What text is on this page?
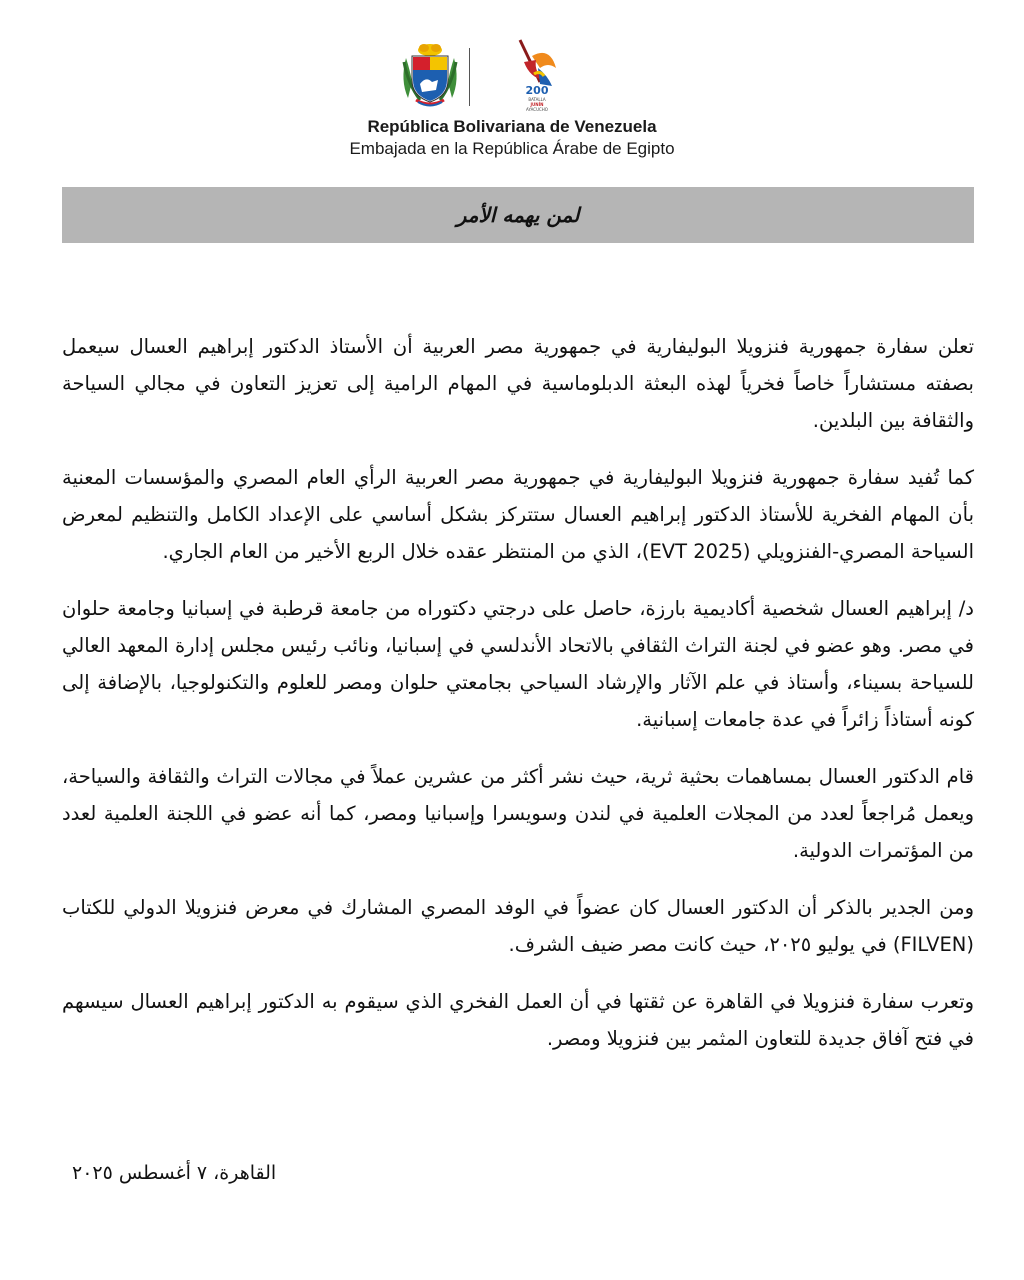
200
BATALLA
JUNÍN
AYACUCHO
República Bolivariana de Venezuela
Embajada en la República Árabe de Egipto
لمن يهمه الأمر

تعلن سفارة جمهورية فنزويلا البوليفارية في جمهورية مصر العربية أن الأستاذ الدكتور إبراهيم العسال سيعمل بصفته مستشاراً خاصاً فخرياً لهذه البعثة الدبلوماسية في المهام الرامية إلى تعزيز التعاون في مجالي السياحة والثقافة بين البلدين.

كما تُفيد سفارة جمهورية فنزويلا البوليفارية في جمهورية مصر العربية الرأي العام المصري والمؤسسات المعنية بأن المهام الفخرية للأستاذ الدكتور إبراهيم العسال ستتركز بشكل أساسي على الإعداد الكامل والتنظيم لمعرض السياحة المصري-الفنزويلي (EVT 2025)، الذي من المنتظر عقده خلال الربع الأخير من العام الجاري.

د/ إبراهيم العسال شخصية أكاديمية بارزة، حاصل على درجتي دكتوراه من جامعة قرطبة في إسبانيا وجامعة حلوان في مصر. وهو عضو في لجنة التراث الثقافي بالاتحاد الأندلسي في إسبانيا، ونائب رئيس مجلس إدارة المعهد العالي للسياحة بسيناء، وأستاذ في علم الآثار والإرشاد السياحي بجامعتي حلوان ومصر للعلوم والتكنولوجيا، بالإضافة إلى كونه أستاذاً زائراً في عدة جامعات إسبانية.

قام الدكتور العسال بمساهمات بحثية ثرية، حيث نشر أكثر من عشرين عملاً في مجالات التراث والثقافة والسياحة، ويعمل مُراجعاً لعدد من المجلات العلمية في لندن وسويسرا وإسبانيا ومصر، كما أنه عضو في اللجنة العلمية لعدد من المؤتمرات الدولية.

ومن الجدير بالذكر أن الدكتور العسال كان عضواً في الوفد المصري المشارك في معرض فنزويلا الدولي للكتاب (FILVEN) في يوليو ٢٠٢٥، حيث كانت مصر ضيف الشرف.

وتعرب سفارة فنزويلا في القاهرة عن ثقتها في أن العمل الفخري الذي سيقوم به الدكتور إبراهيم العسال سيسهم في فتح آفاق جديدة للتعاون المثمر بين فنزويلا ومصر.

القاهرة، ٧ أغسطس ٢٠٢٥
